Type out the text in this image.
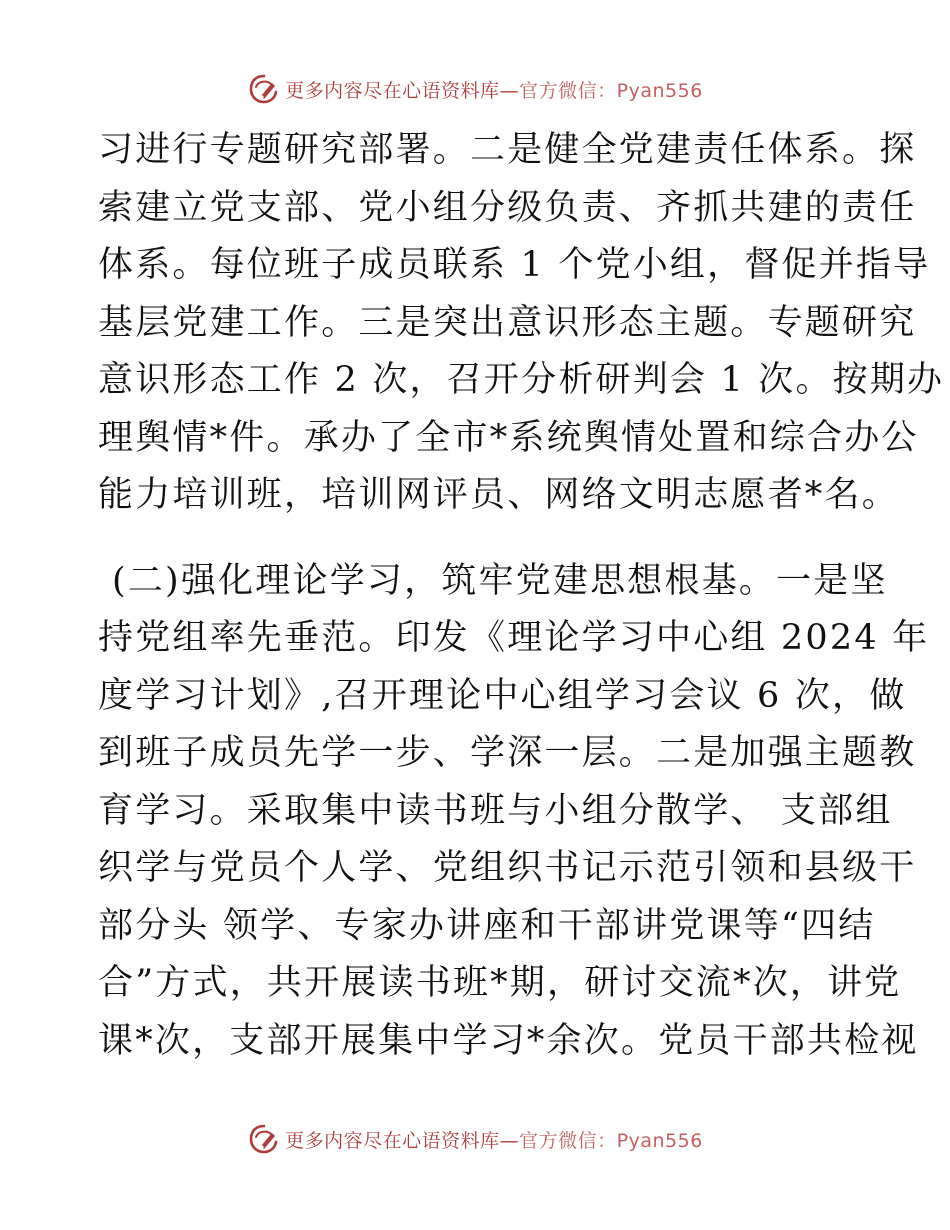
更多内容尽在心语资料库—官方微信：Pyan556

习进行专题研究部署。二是健全党建责任体系。探

索建立党支部、党小组分级负责、齐抓共建的责任

体系。每位班子成员联系 1 个党小组，督促并指导

基层党建工作。三是突出意识形态主题。专题研究

意识形态工作 2 次，召开分析研判会 1 次。按期办

理舆情*件。承办了全市*系统舆情处置和综合办公

能力培训班，培训网评员、网络文明志愿者*名。

(二)强化理论学习，筑牢党建思想根基。一是坚

持党组率先垂范。印发《理论学习中心组 2024 年

度学习计划》,召开理论中心组学习会议 6 次，做

到班子成员先学一步、学深一层。二是加强主题教

育学习。采取集中读书班与小组分散学、 支部组

织学与党员个人学、党组织书记示范引领和县级干

部分头 领学、专家办讲座和干部讲党课等“四结

合”方式，共开展读书班*期，研讨交流*次，讲党

课*次，支部开展集中学习*余次。党员干部共检视

更多内容尽在心语资料库—官方微信：Pyan556
